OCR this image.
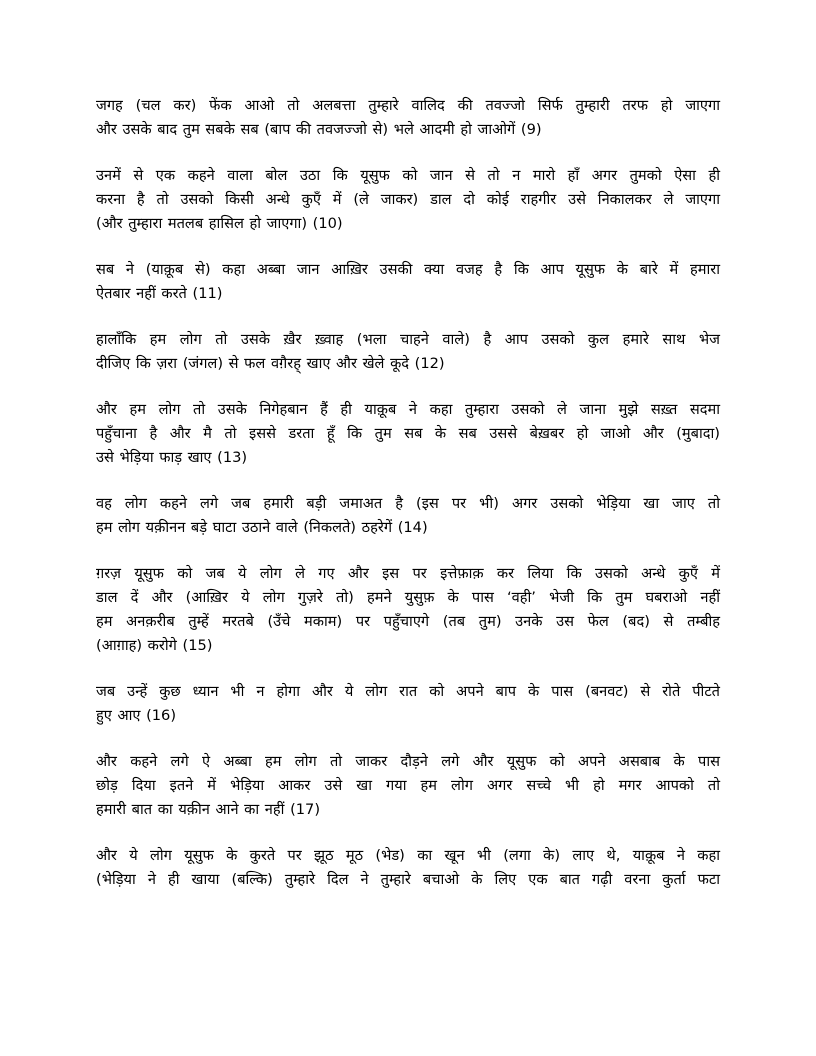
जगह (चल कर) फेंक आओ तो अलबत्ता तुम्हारे वालिद की तवज्जो सिर्फ तुम्हारी तरफ हो जाएगा
और उसके बाद तुम सबके सब (बाप की तवजज्जो से) भले आदमी हो जाओगें (9)
उनमें से एक कहने वाला बोल उठा कि यूसुफ को जान से तो न मारो हाँ अगर तुमको ऐसा ही
करना है तो उसको किसी अन्धे कुएँ में (ले जाकर) डाल दो कोई राहगीर उसे निकालकर ले जाएगा
(और तुम्हारा मतलब हासिल हो जाएगा) (10)
सब ने (याक़ूब से) कहा अब्बा जान आख़िर उसकी क्या वजह है कि आप यूसुफ के बारे में हमारा
ऐतबार नहीं करते (11)
हालाँकि हम लोग तो उसके ख़ैर ख़्वाह (भला चाहने वाले) है आप उसको कुल हमारे साथ भेज
दीजिए कि ज़रा (जंगल) से फल वग़ैरह् खाए और खेले कूदे (12)
और हम लोग तो उसके निगेहबान हैं ही याक़ूब ने कहा तुम्हारा उसको ले जाना मुझे सख़्त सदमा
पहुँचाना है और मै तो इससे डरता हूँ कि तुम सब के सब उससे बेख़बर हो जाओ और (मुबादा)
उसे भेड़िया फाड़ खाए (13)
वह लोग कहने लगे जब हमारी बड़ी जमाअत है (इस पर भी) अगर उसको भेड़िया खा जाए तो
हम लोग यक़ीनन बड़े घाटा उठाने वाले (निकलते) ठहरेगें (14)
ग़रज़ यूसुफ को जब ये लोग ले गए और इस पर इत्तेफ़ाक़ कर लिया कि उसको अन्धे कुएँ में
डाल दें और (आख़िर ये लोग गुज़रे तो) हमने युसुफ़ के पास ‘वही’ भेजी कि तुम घबराओ नहीं
हम अनक़रीब तुम्हें मरतबे (उँचे मकाम) पर पहुँचाएगे (तब तुम) उनके उस फेल (बद) से तम्बीह
(आग़ाह) करोगे (15)
जब उन्हें कुछ ध्यान भी न होगा और ये लोग रात को अपने बाप के पास (बनवट) से रोते पीटते
हुए आए (16)
और कहने लगे ऐ अब्बा हम लोग तो जाकर दौड़ने लगे और यूसुफ को अपने असबाब के पास
छोड़ दिया इतने में भेड़िया आकर उसे खा गया हम लोग अगर सच्चे भी हो मगर आपको तो
हमारी बात का यक़ीन आने का नहीं (17)
और ये लोग यूसुफ के कुरते पर झूठ मूठ (भेड) का खून भी (लगा के) लाए थे, याक़ूब ने कहा
(भेड़िया ने ही खाया (बल्कि) तुम्हारे दिल ने तुम्हारे बचाओ के लिए एक बात गढ़ी वरना कुर्ता फटा
